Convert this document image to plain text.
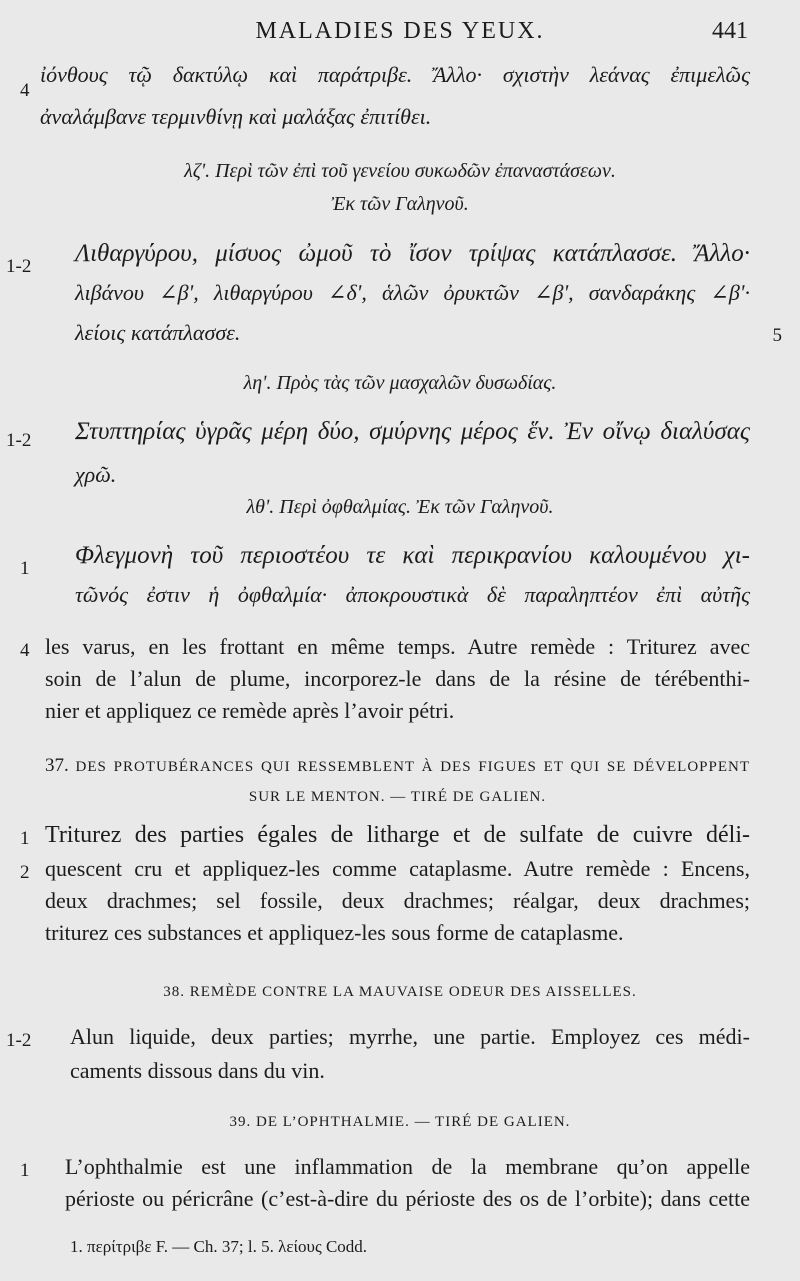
MALADIES DES YEUX.	441
4
ἰόνθους τῷ δακτύλῳ καὶ παράτριβε. Ἄλλο· σχιστὴν λεάνας ἐπιμελῶς
ἀναλάμβανε τερμινθίνῃ καὶ μαλάξας ἐπιτίθει.
λζʹ. Περὶ τῶν ἐπὶ τοῦ γενείου συκωδῶν ἐπαναστάσεων.
Ἐκ τῶν Γαληνοῦ.
1-2 Λιθαργύρου, μίσυος ὠμοῦ τὸ ἴσον τρίψας κατάπλασσε. Ἄλλο·
λιβάνου ∠βʹ, λιθαργύρου ∠δʹ, ἁλῶν ὀρυκτῶν ∠βʹ, σανδαράκης ∠βʹ·
λείοις κατάπλασσε.	5
ληʹ. Πρὸς τὰς τῶν μασχαλῶν δυσωδίας.
1-2 Στυπτηρίας ὑγρᾶς μέρη δύο, σμύρνης μέρος ἕν. Ἐν οἴνῳ διαλύσας
χρῶ.
λθʹ. Περὶ ὀφθαλμίας. Ἐκ τῶν Γαληνοῦ.
1 Φλεγμονὴ τοῦ περιοστέου τε καὶ περικρανίου καλουμένου χι-
τῶνός ἐστιν ἡ ὀφθαλμία· ἀποκρουστικὰ δὲ παραληπτέον ἐπὶ αὐτῆς
4 les varus, en les frottant en même temps. Autre remède : Triturez avec
soin de l’alun de plume, incorporez-le dans de la résine de térébenthi-
nier et appliquez ce remède après l’avoir pétri.
37. DES PROTUBÉRANCES QUI RESSEMBLENT À DES FIGUES ET QUI SE DÉVELOPPENT
SUR LE MENTON. — TIRÉ DE GALIEN.
1
2
Triturez des parties égales de litharge et de sulfate de cuivre déli-
quescent cru et appliquez-les comme cataplasme. Autre remède : Encens,
deux drachmes; sel fossile, deux drachmes; réalgar, deux drachmes;
triturez ces substances et appliquez-les sous forme de cataplasme.
38. REMÈDE CONTRE LA MAUVAISE ODEUR DES AISSELLES.
1-2 Alun liquide, deux parties; myrrhe, une partie. Employez ces médi-
caments dissous dans du vin.
39. DE L’OPHTHALMIE. — TIRÉ DE GALIEN.
1 L’ophthalmie est une inflammation de la membrane qu’on appelle
périoste ou péricrâne (c’est-à-dire du périoste des os de l’orbite); dans cette
1. περίτριβε F. — Ch. 37; l. 5. λείους Codd.
